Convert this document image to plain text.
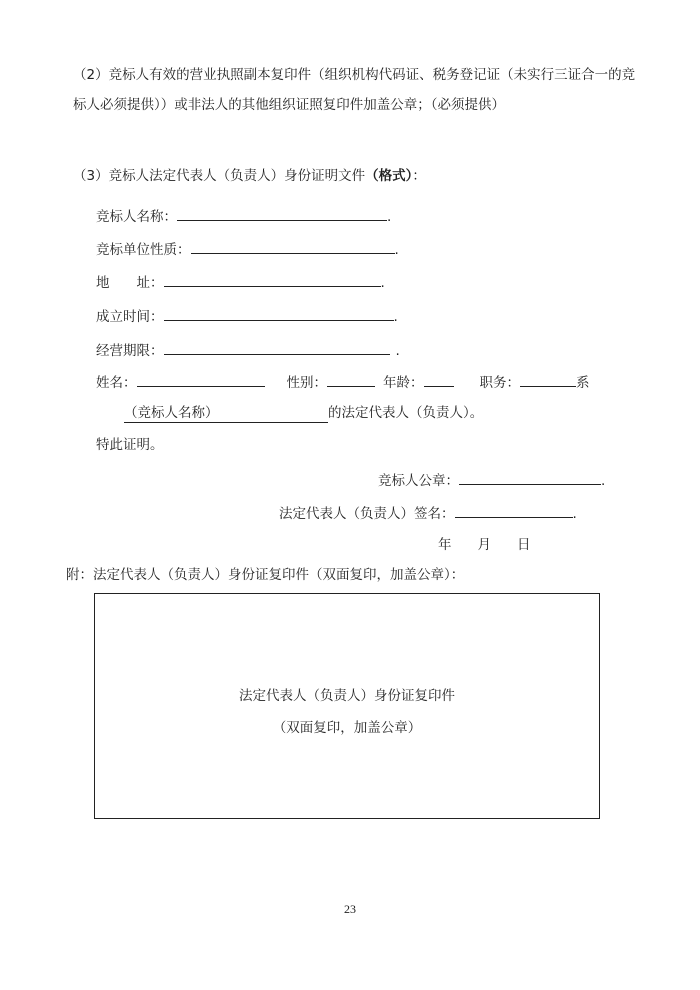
（2）竞标人有效的营业执照副本复印件（组织机构代码证、税务登记证（未实行三证合一的竞
标人必须提供））或非法人的其他组织证照复印件加盖公章；（必须提供）
（3）竞标人法定代表人（负责人）身份证明文件（格式）：
竞标人名称：	.
竞标单位性质：	.
地　　址：	.
成立时间：	.
经营期限：	.
姓名：	性别：	年龄：	职务：	系
（竞标人名称）	的法定代表人（负责人）。
特此证明。
竞标人公章：	.
法定代表人（负责人）签名：	.
年 月 日
附：法定代表人（负责人）身份证复印件（双面复印，加盖公章）：
法定代表人（负责人）身份证复印件
（双面复印，加盖公章）
23
